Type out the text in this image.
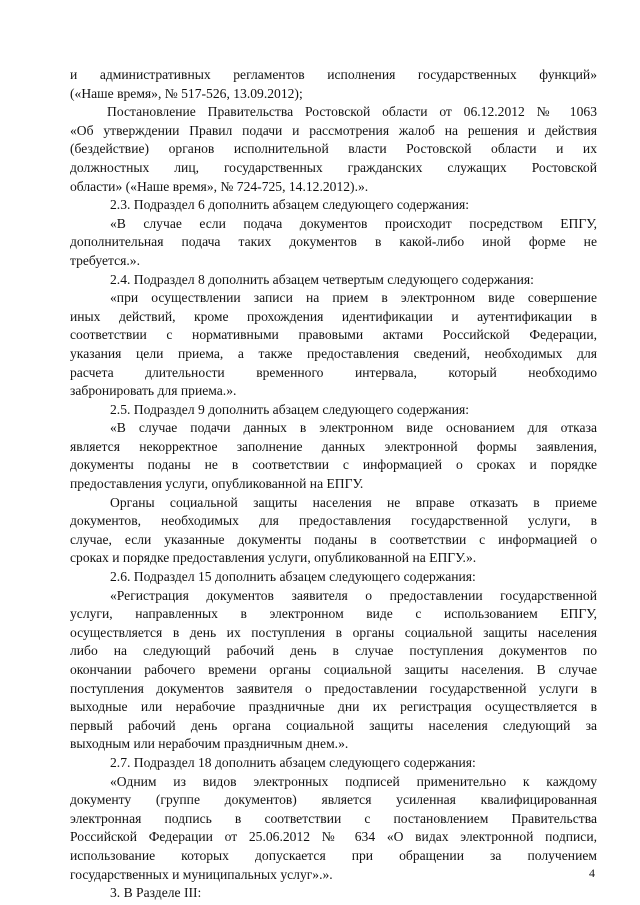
и административных регламентов исполнения государственных функций»
(«Наше время», № 517-526, 13.09.2012);
Постановление Правительства Ростовской области от 06.12.2012 № 1063
«Об утверждении Правил подачи и рассмотрения жалоб на решения и действия
(бездействие) органов исполнительной власти Ростовской области и их
должностных лиц, государственных гражданских служащих Ростовской
области» («Наше время», № 724-725, 14.12.2012).».
2.3. Подраздел 6 дополнить абзацем следующего содержания:
«В случае если подача документов происходит посредством ЕПГУ,
дополнительная подача таких документов в какой-либо иной форме не
требуется.».
2.4. Подраздел 8 дополнить абзацем четвертым следующего содержания:
«при осуществлении записи на прием в электронном виде совершение
иных действий, кроме прохождения идентификации и аутентификации в
соответствии с нормативными правовыми актами Российской Федерации,
указания цели приема, а также предоставления сведений, необходимых для
расчета длительности временного интервала, который необходимо
забронировать для приема.».
2.5. Подраздел 9 дополнить абзацем следующего содержания:
«В случае подачи данных в электронном виде основанием для отказа
является некорректное заполнение данных электронной формы заявления,
документы поданы не в соответствии с информацией о сроках и порядке
предоставления услуги, опубликованной на ЕПГУ.
Органы социальной защиты населения не вправе отказать в приеме
документов, необходимых для предоставления государственной услуги, в
случае, если указанные документы поданы в соответствии с информацией о
сроках и порядке предоставления услуги, опубликованной на ЕПГУ.».
2.6. Подраздел 15 дополнить абзацем следующего содержания:
«Регистрация документов заявителя о предоставлении государственной
услуги, направленных в электронном виде с использованием ЕПГУ,
осуществляется в день их поступления в органы социальной защиты населения
либо на следующий рабочий день в случае поступления документов по
окончании рабочего времени органы социальной защиты населения. В случае
поступления документов заявителя о предоставлении государственной услуги в
выходные или нерабочие праздничные дни их регистрация осуществляется в
первый рабочий день органа социальной защиты населения следующий за
выходным или нерабочим праздничным днем.».
2.7. Подраздел 18 дополнить абзацем следующего содержания:
«Одним из видов электронных подписей применительно к каждому
документу (группе документов) является усиленная квалифицированная
электронная подпись в соответствии с постановлением Правительства
Российской Федерации от 25.06.2012 № 634 «О видах электронной подписи,
использование которых допускается при обращении за получением
государственных и муниципальных услуг».».
3. В Разделе III:
4
